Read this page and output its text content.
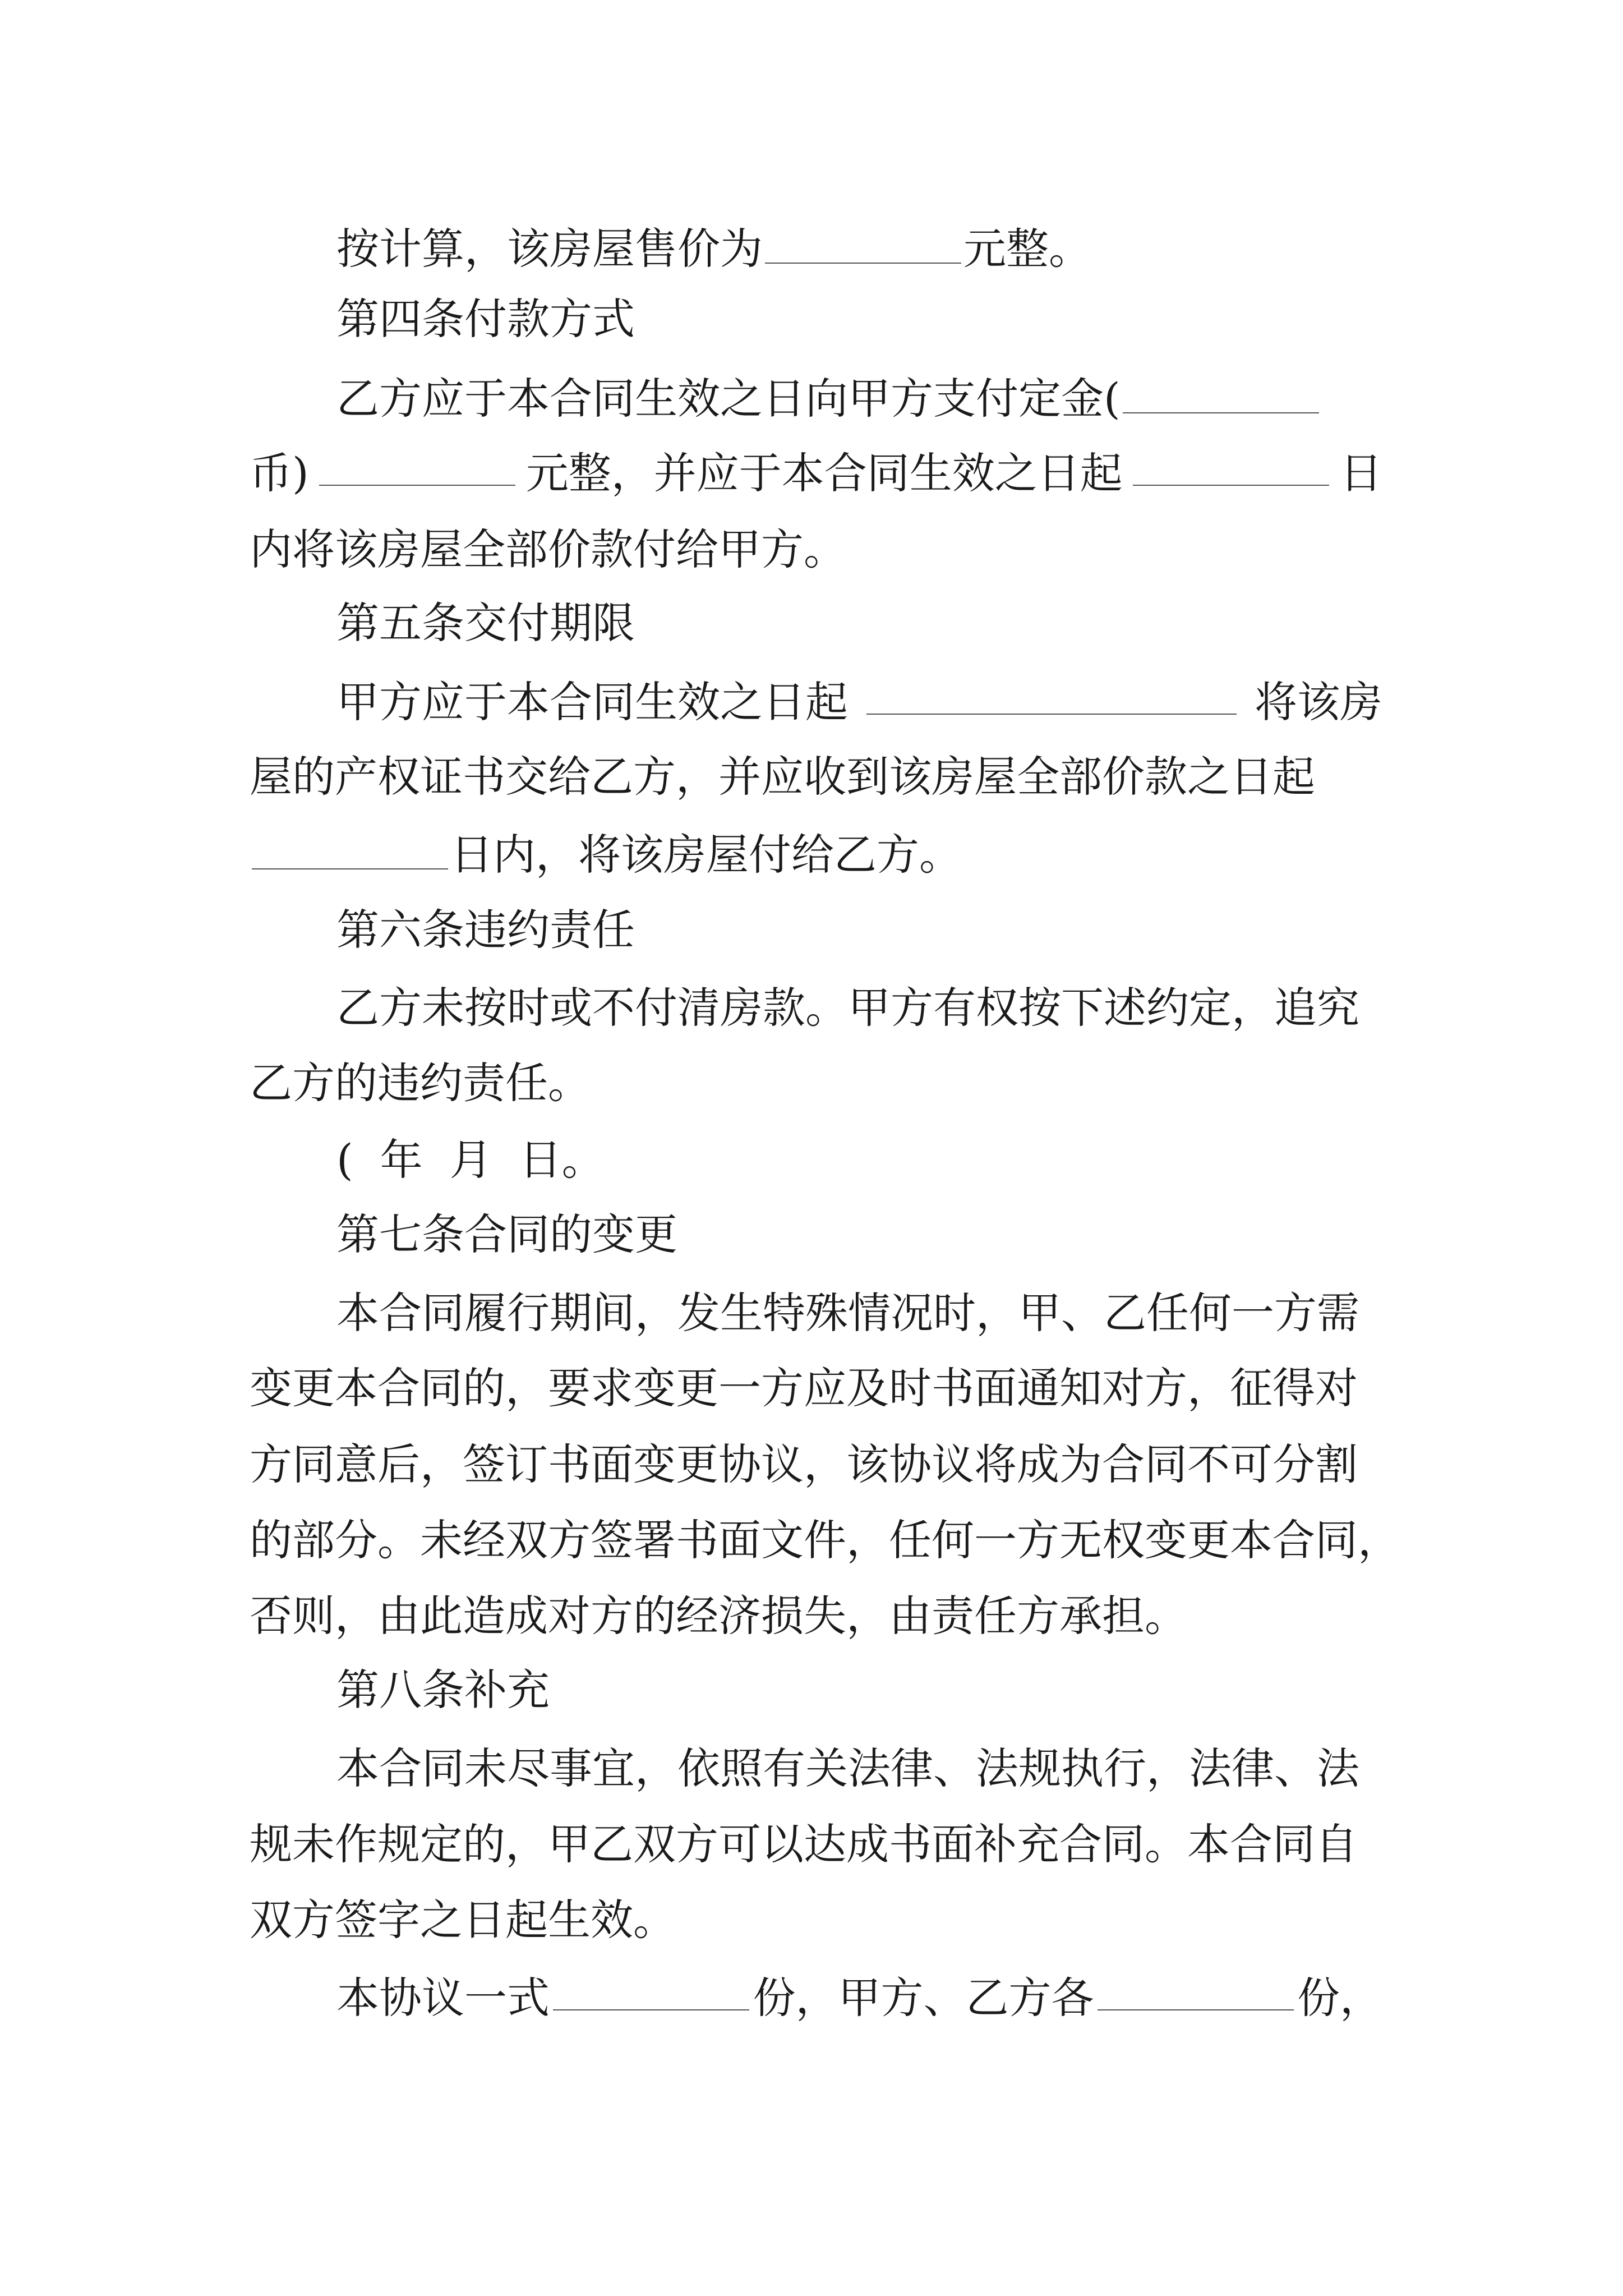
按计算，该房屋售价为	元整。
第四条付款方式
乙方应于本合同生效之日向甲方支付定金(
币)	元整，并应于本合同生效之日起	日
内将该房屋全部价款付给甲方。
第五条交付期限
甲方应于本合同生效之日起	将该房
屋的产权证书交给乙方，并应收到该房屋全部价款之日起
日内，将该房屋付给乙方。
第六条违约责任
乙方未按时或不付清房款。甲方有权按下述约定，追究
乙方的违约责任。
( 年 月 日。
第七条合同的变更
本合同履行期间，发生特殊情况时，甲、乙任何一方需
变更本合同的，要求变更一方应及时书面通知对方，征得对
方同意后，签订书面变更协议，该协议将成为合同不可分割
的部分。未经双方签署书面文件，任何一方无权变更本合同，
否则，由此造成对方的经济损失，由责任方承担。
第八条补充
本合同未尽事宜，依照有关法律、法规执行，法律、法
规未作规定的，甲乙双方可以达成书面补充合同。本合同自
双方签字之日起生效。
本协议一式	份，甲方、乙方各	份，
